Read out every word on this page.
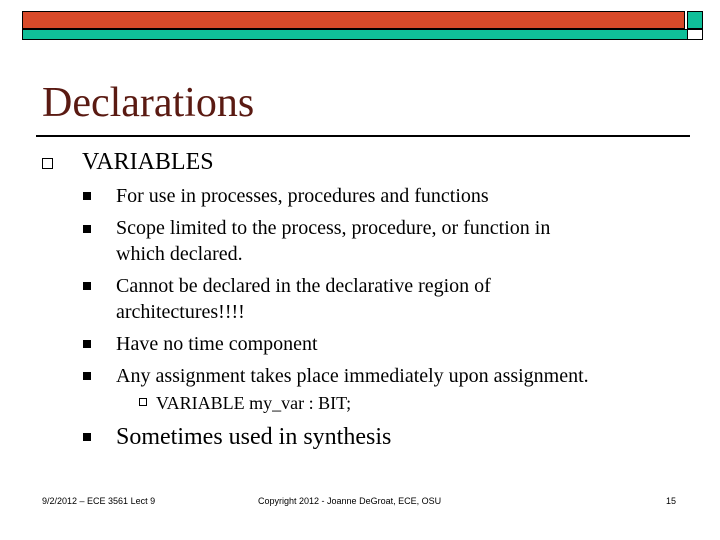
Declarations
VARIABLES
For use in processes, procedures and functions
Scope limited to the process, procedure, or function in
which declared.
Cannot be declared in the declarative region of
architectures!!!!
Have no time component
Any assignment takes place immediately upon assignment.
VARIABLE my_var : BIT;
Sometimes used in synthesis
9/2/2012 – ECE 3561 Lect 9	Copyright 2012 - Joanne DeGroat, ECE, OSU	15
